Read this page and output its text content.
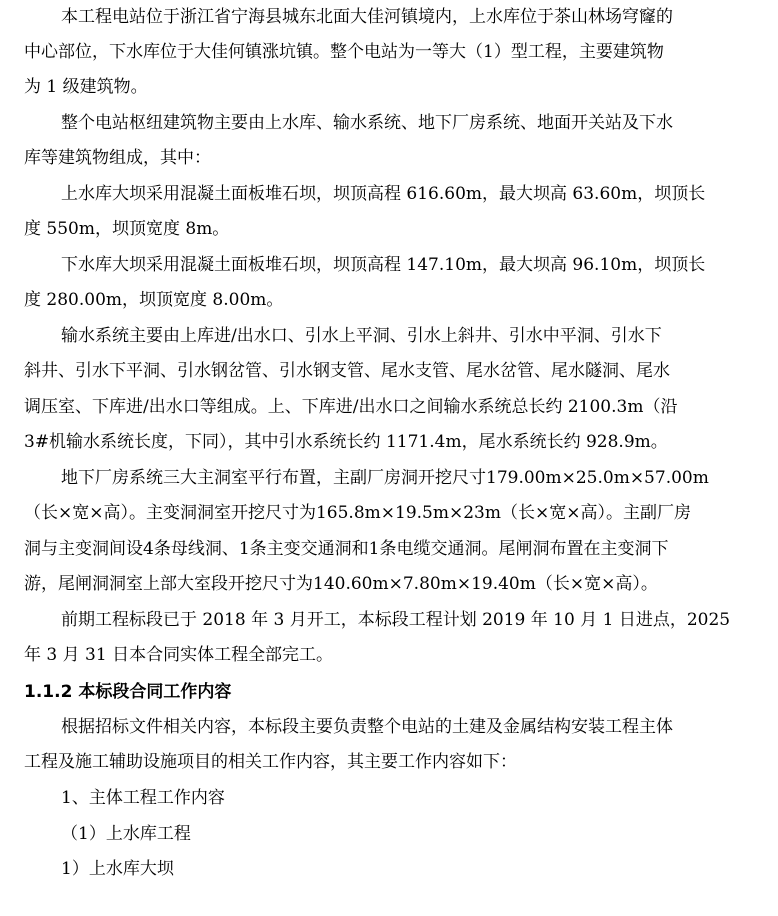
本工程电站位于浙江省宁海县城东北面大佳河镇境内，上水库位于茶山林场穹窿的
中心部位，下水库位于大佳何镇涨坑镇。整个电站为一等大（1）型工程，主要建筑物
为 1 级建筑物。
整个电站枢纽建筑物主要由上水库、输水系统、地下厂房系统、地面开关站及下水
库等建筑物组成，其中：
上水库大坝采用混凝土面板堆石坝，坝顶高程 616.60m，最大坝高 63.60m，坝顶长
度 550m，坝顶宽度 8m。
下水库大坝采用混凝土面板堆石坝，坝顶高程 147.10m，最大坝高 96.10m，坝顶长
度 280.00m，坝顶宽度 8.00m。
输水系统主要由上库进/出水口、引水上平洞、引水上斜井、引水中平洞、引水下
斜井、引水下平洞、引水钢岔管、引水钢支管、尾水支管、尾水岔管、尾水隧洞、尾水
调压室、下库进/出水口等组成。上、下库进/出水口之间输水系统总长约 2100.3m（沿
3#机输水系统长度，下同），其中引水系统长约 1171.4m，尾水系统长约 928.9m。
地下厂房系统三大主洞室平行布置，主副厂房洞开挖尺寸179.00m×25.0m×57.00m
（长×宽×高）。主变洞洞室开挖尺寸为165.8m×19.5m×23m（长×宽×高）。主副厂房
洞与主变洞间设4条母线洞、1条主变交通洞和1条电缆交通洞。尾闸洞布置在主变洞下
游，尾闸洞洞室上部大室段开挖尺寸为140.60m×7.80m×19.40m（长×宽×高）。
前期工程标段已于 2018 年 3 月开工，本标段工程计划 2019 年 10 月 1 日进点，2025
年 3 月 31 日本合同实体工程全部完工。
1.1.2 本标段合同工作内容
根据招标文件相关内容，本标段主要负责整个电站的土建及金属结构安装工程主体
工程及施工辅助设施项目的相关工作内容，其主要工作内容如下：
1、主体工程工作内容
（1）上水库工程
1）上水库大坝
